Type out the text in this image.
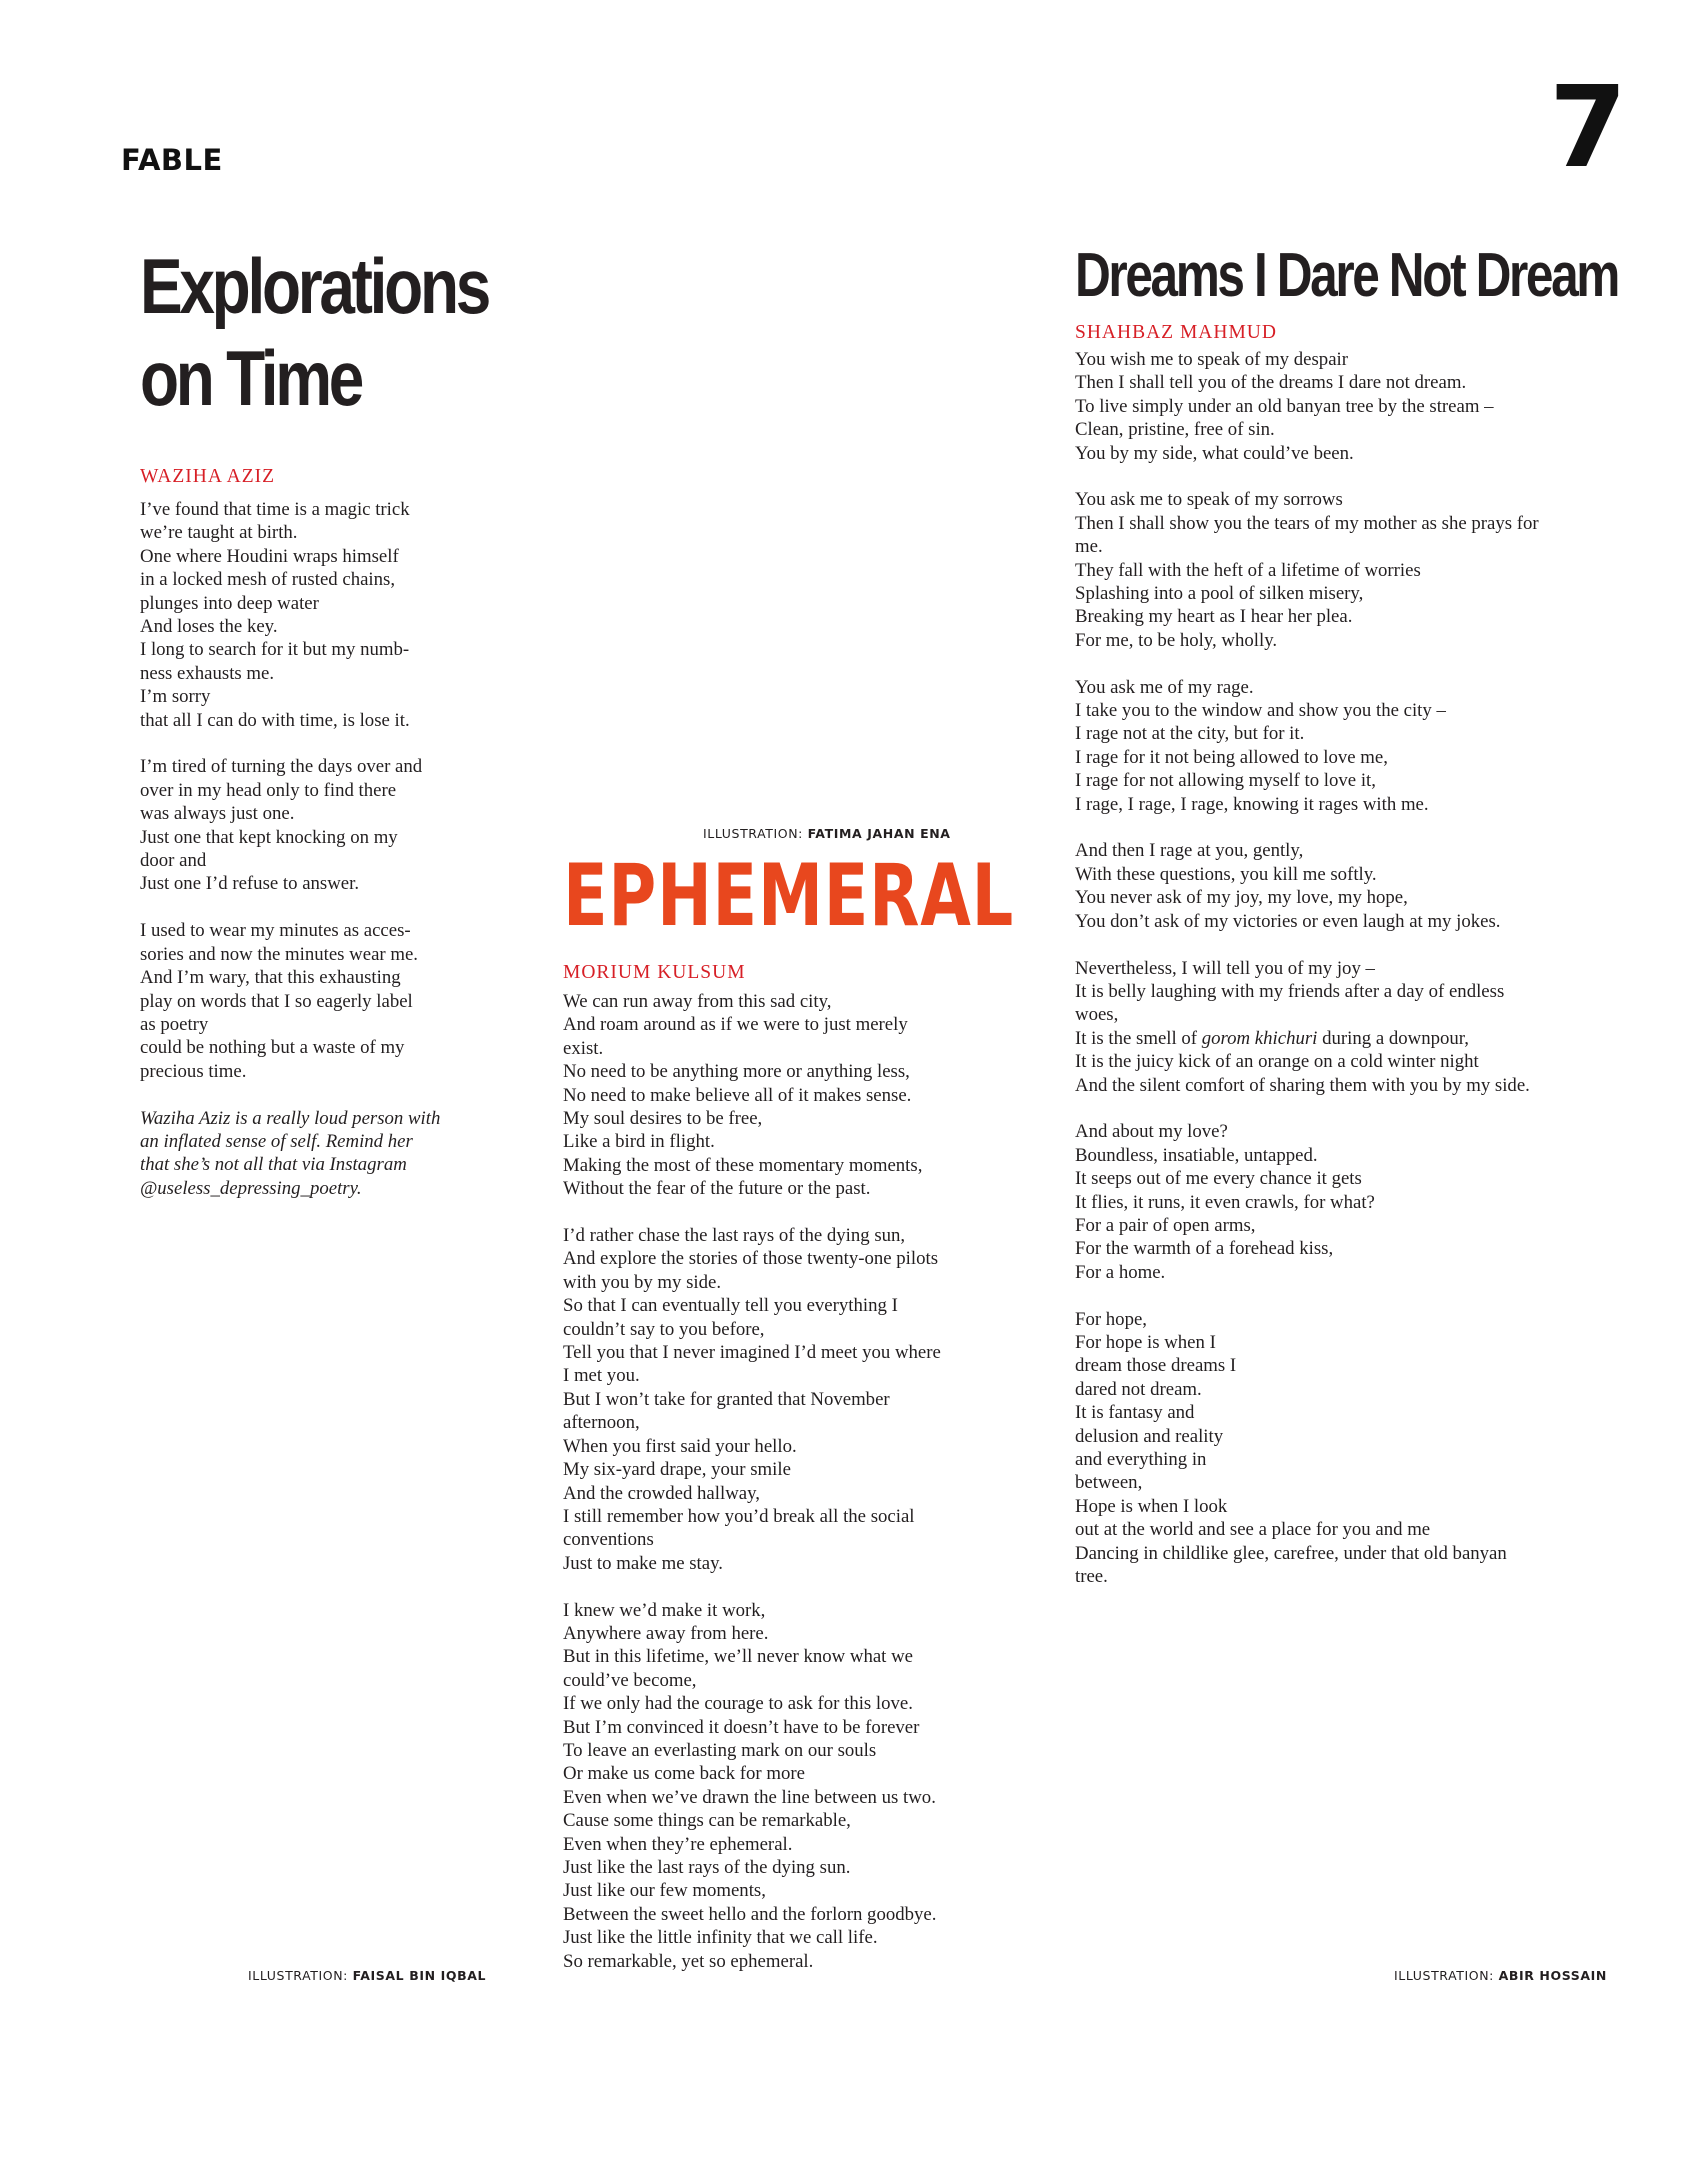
FABLE	7
Explorations
on Time

WAZIHA AZIZ

I’ve found that time is a magic trick
we’re taught at birth.
One where Houdini wraps himself
in a locked mesh of rusted chains,
plunges into deep water
And loses the key.
I long to search for it but my numb-
ness exhausts me.
I’m sorry
that all I can do with time, is lose it.

I’m tired of turning the days over and
over in my head only to find there
was always just one.
Just one that kept knocking on my
door and
Just one I’d refuse to answer.

I used to wear my minutes as acces-
sories and now the minutes wear me.
And I’m wary, that this exhausting
play on words that I so eagerly label
as poetry
could be nothing but a waste of my
precious time.

Waziha Aziz is a really loud person with
an inflated sense of self. Remind her
that she’s not all that via Instagram
@useless_depressing_poetry.

ILLUSTRATION: FAISAL BIN IQBAL
ILLUSTRATION: FATIMA JAHAN ENA
EPHEMERAL

MORIUM KULSUM

We can run away from this sad city,
And roam around as if we were to just merely
exist.
No need to be anything more or anything less,
No need to make believe all of it makes sense.
My soul desires to be free,
Like a bird in flight.
Making the most of these momentary moments,
Without the fear of the future or the past.

I’d rather chase the last rays of the dying sun,
And explore the stories of those twenty-one pilots
with you by my side.
So that I can eventually tell you everything I
couldn’t say to you before,
Tell you that I never imagined I’d meet you where
I met you.
But I won’t take for granted that November
afternoon,
When you first said your hello.
My six-yard drape, your smile
And the crowded hallway,
I still remember how you’d break all the social
conventions
Just to make me stay.

I knew we’d make it work,
Anywhere away from here.
But in this lifetime, we’ll never know what we
could’ve become,
If we only had the courage to ask for this love.
But I’m convinced it doesn’t have to be forever
To leave an everlasting mark on our souls
Or make us come back for more
Even when we’ve drawn the line between us two.
Cause some things can be remarkable,
Even when they’re ephemeral.
Just like the last rays of the dying sun.
Just like our few moments,
Between the sweet hello and the forlorn goodbye.
Just like the little infinity that we call life.
So remarkable, yet so ephemeral.

Dreams I Dare Not Dream

SHAHBAZ MAHMUD

You wish me to speak of my despair
Then I shall tell you of the dreams I dare not dream.
To live simply under an old banyan tree by the stream –
Clean, pristine, free of sin.
You by my side, what could’ve been.

You ask me to speak of my sorrows
Then I shall show you the tears of my mother as she prays for
me.
They fall with the heft of a lifetime of worries
Splashing into a pool of silken misery,
Breaking my heart as I hear her plea.
For me, to be holy, wholly.

You ask me of my rage.
I take you to the window and show you the city –
I rage not at the city, but for it.
I rage for it not being allowed to love me,
I rage for not allowing myself to love it,
I rage, I rage, I rage, knowing it rages with me.

And then I rage at you, gently,
With these questions, you kill me softly.
You never ask of my joy, my love, my hope,
You don’t ask of my victories or even laugh at my jokes.

Nevertheless, I will tell you of my joy –
It is belly laughing with my friends after a day of endless
woes,
It is the smell of gorom khichuri during a downpour,
It is the juicy kick of an orange on a cold winter night
And the silent comfort of sharing them with you by my side.

And about my love?
Boundless, insatiable, untapped.
It seeps out of me every chance it gets
It flies, it runs, it even crawls, for what?
For a pair of open arms,
For the warmth of a forehead kiss,
For a home.

For hope,
For hope is when I
dream those dreams I
dared not dream.
It is fantasy and
delusion and reality
and everything in
between,
Hope is when I look
out at the world and see a place for you and me
Dancing in childlike glee, carefree, under that old banyan
tree.

ILLUSTRATION: ABIR HOSSAIN
